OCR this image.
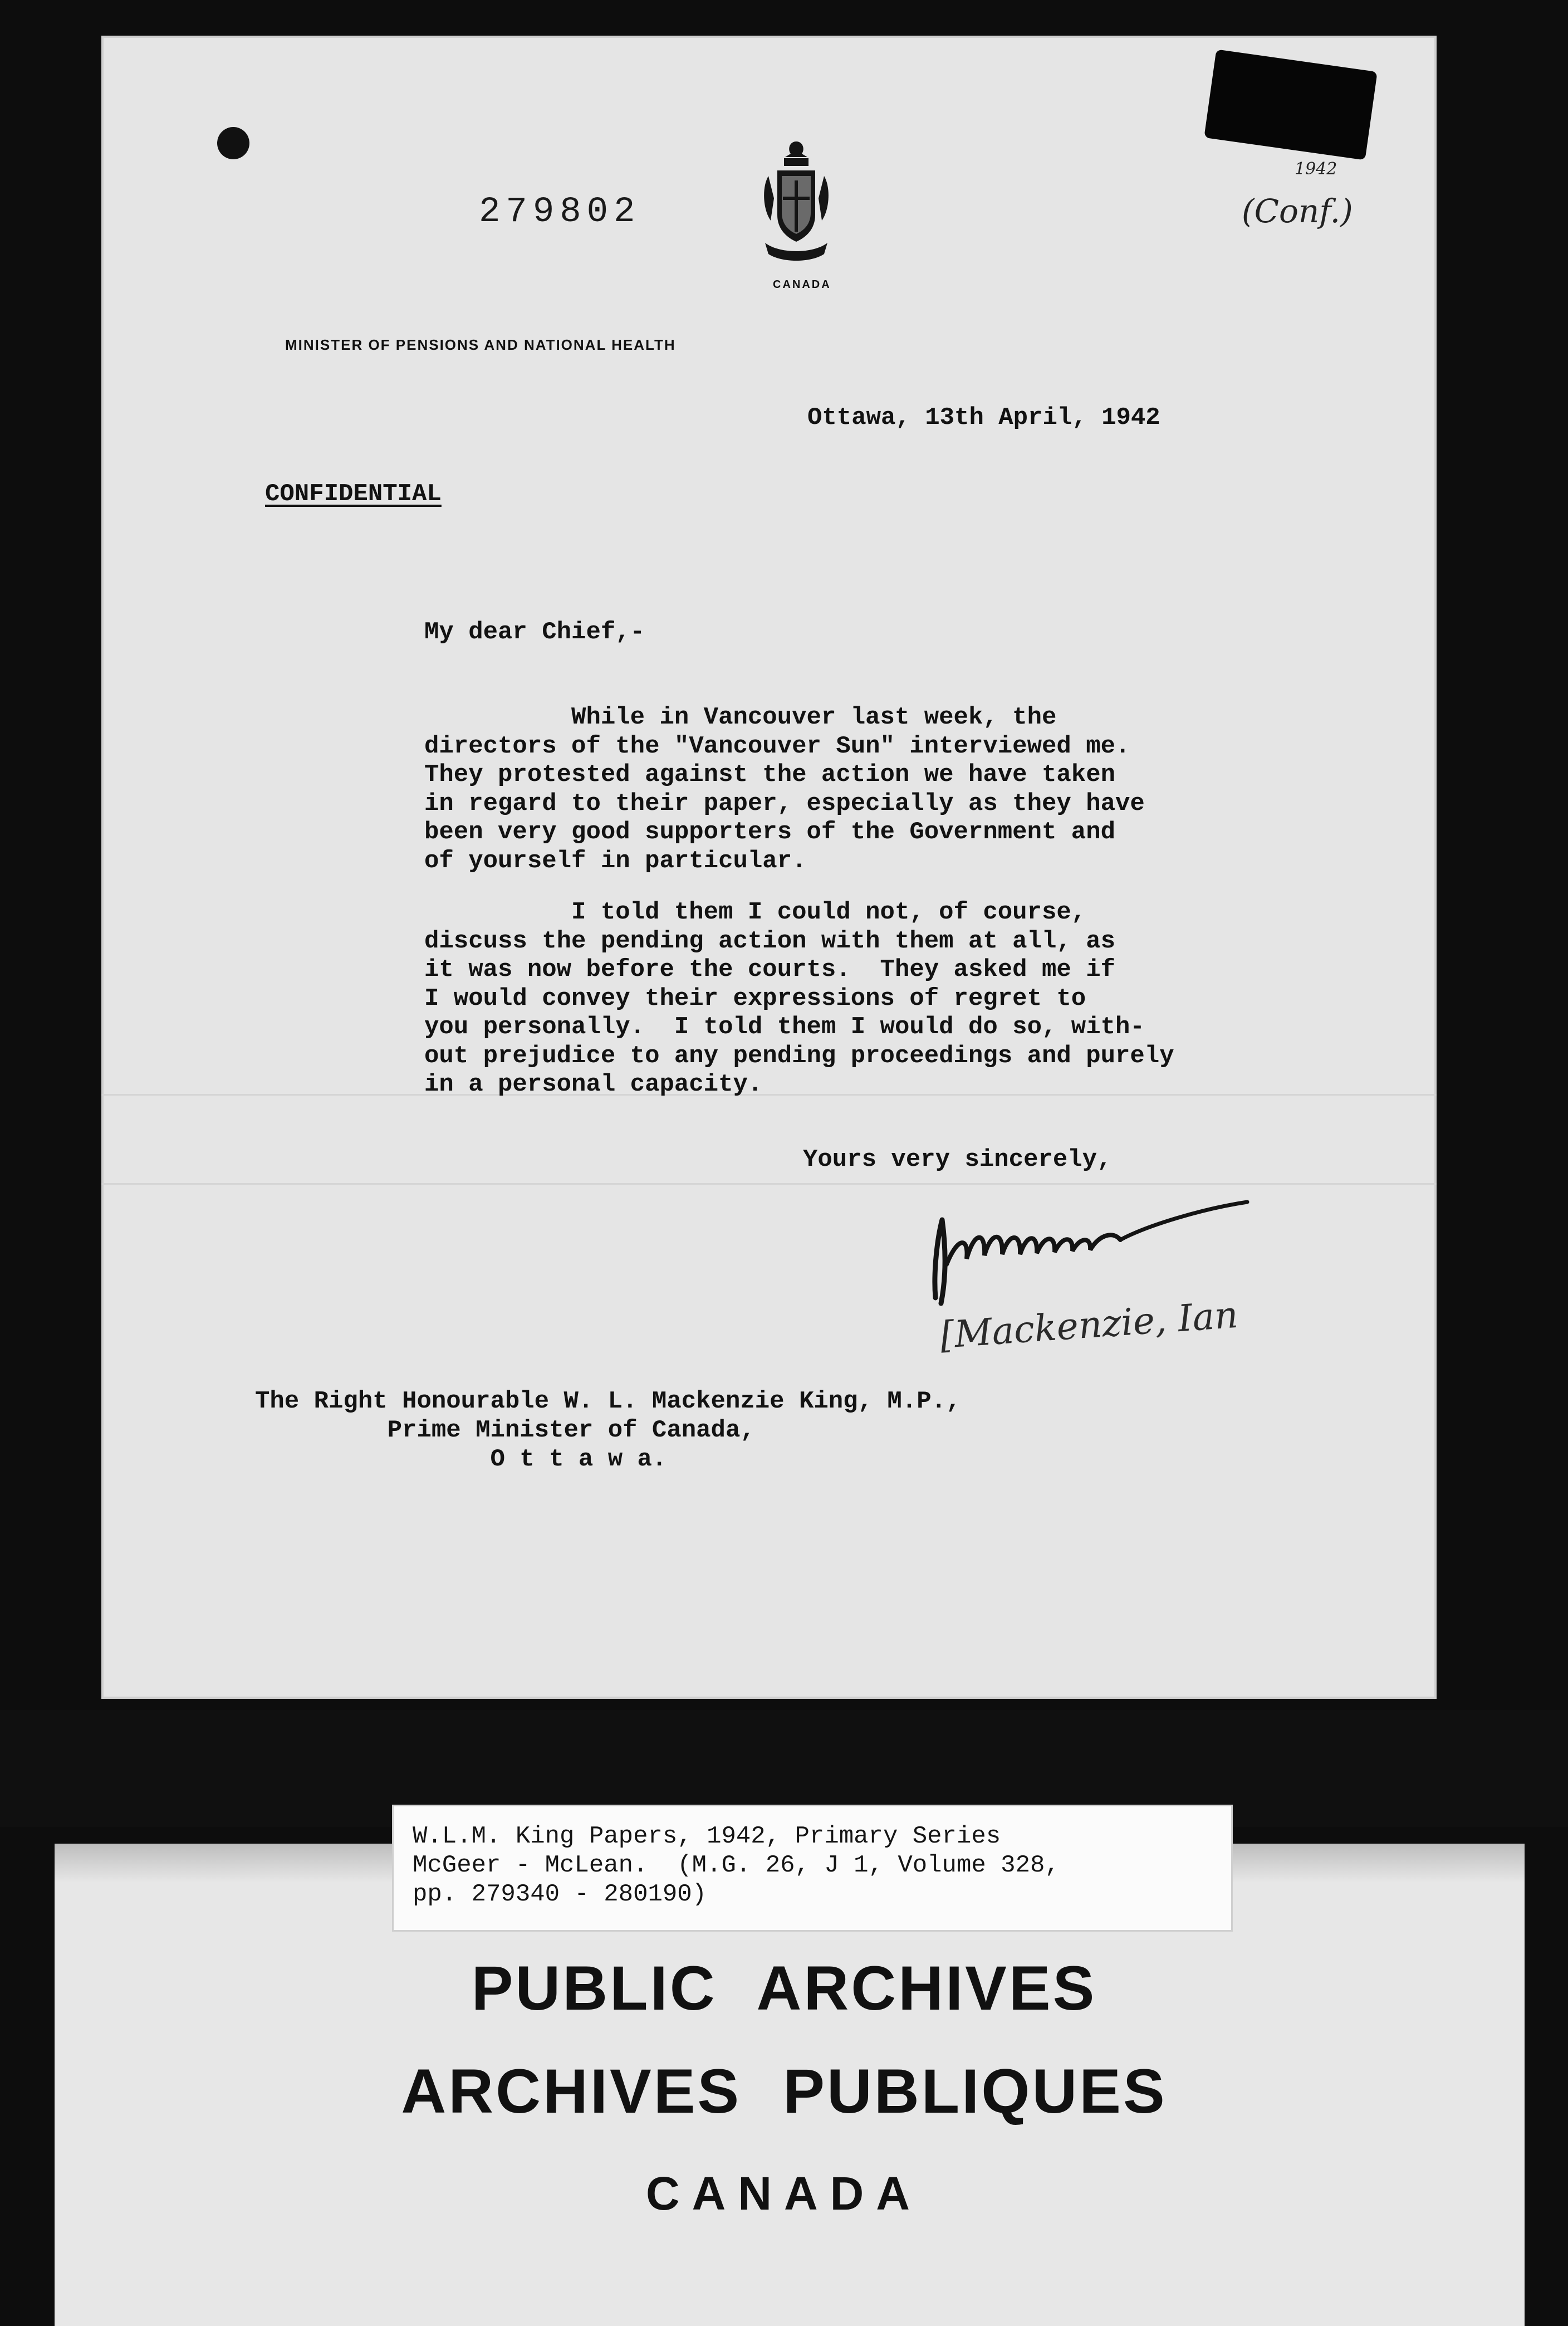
279802
CANADA
1942
(Conf.)
MINISTER OF PENSIONS AND NATIONAL HEALTH
Ottawa, 13th April, 1942
CONFIDENTIAL
My dear Chief,-
While in Vancouver last week, the
directors of the "Vancouver Sun" interviewed me.
They protested against the action we have taken
in regard to their paper, especially as they have
been very good supporters of the Government and
of yourself in particular.
I told them I could not, of course,
discuss the pending action with them at all, as
it was now before the courts.  They asked me if
I would convey their expressions of regret to
you personally.  I told them I would do so, with-
out prejudice to any pending proceedings and purely
in a personal capacity.
Yours very sincerely,
[Mackenzie, Ian
The Right Honourable W. L. Mackenzie King, M.P.,
Prime Minister of Canada,
O t t a w a.
W.L.M. King Papers, 1942, Primary Series
McGeer - McLean.  (M.G. 26, J 1, Volume 328,
pp. 279340 - 280190)
PUBLIC ARCHIVES
ARCHIVES PUBLIQUES
CANADA
